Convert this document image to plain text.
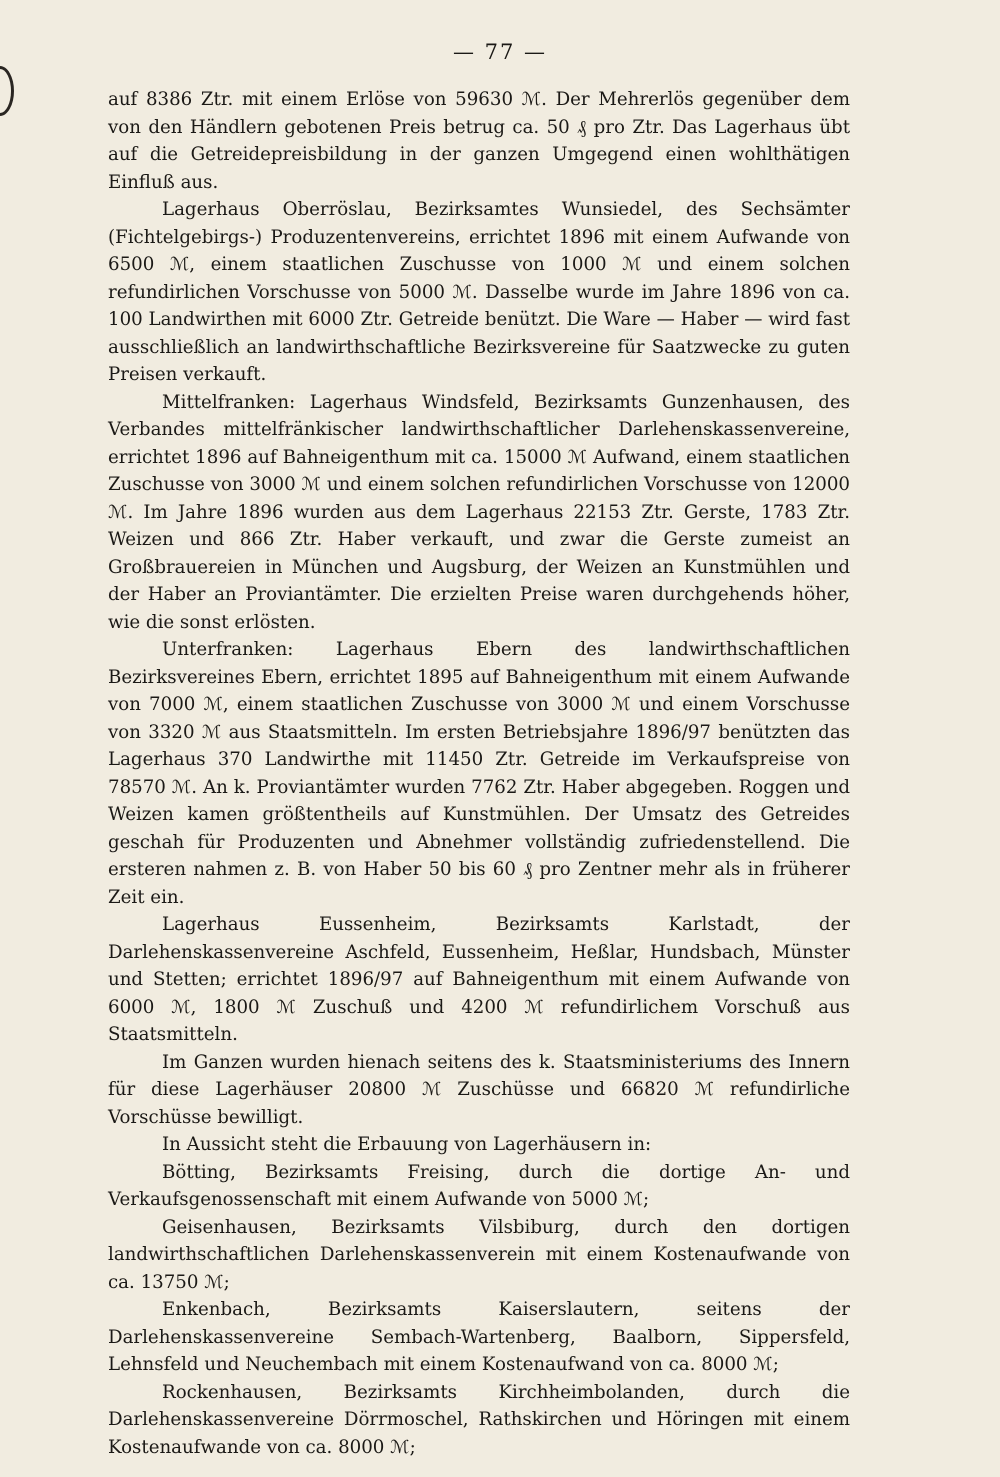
— 77 —

auf 8386 Ztr. mit einem Erlöse von 59630 ℳ. Der Mehrerlös gegenüber dem von den Händlern gebotenen Preis betrug ca. 50 ₰ pro Ztr. Das Lagerhaus übt auf die Getreidepreisbildung in der ganzen Umgegend einen wohlthätigen Einfluß aus.

Lagerhaus Oberröslau, Bezirksamtes Wunsiedel, des Sechsämter (Fichtelgebirgs-) Produzentenvereins, errichtet 1896 mit einem Aufwande von 6500 ℳ, einem staatlichen Zuschusse von 1000 ℳ und einem solchen refundirlichen Vorschusse von 5000 ℳ. Dasselbe wurde im Jahre 1896 von ca. 100 Landwirthen mit 6000 Ztr. Getreide benützt. Die Ware — Haber — wird fast ausschließlich an landwirthschaftliche Bezirksvereine für Saatzwecke zu guten Preisen verkauft.

Mittelfranken: Lagerhaus Windsfeld, Bezirksamts Gunzenhausen, des Verbandes mittelfränkischer landwirthschaftlicher Darlehenskassenvereine, errichtet 1896 auf Bahneigenthum mit ca. 15000 ℳ Aufwand, einem staatlichen Zuschusse von 3000 ℳ und einem solchen refundirlichen Vorschusse von 12000 ℳ. Im Jahre 1896 wurden aus dem Lagerhaus 22153 Ztr. Gerste, 1783 Ztr. Weizen und 866 Ztr. Haber verkauft, und zwar die Gerste zumeist an Großbrauereien in München und Augsburg, der Weizen an Kunstmühlen und der Haber an Proviantämter. Die erzielten Preise waren durchgehends höher, wie die sonst erlösten.

Unterfranken: Lagerhaus Ebern des landwirthschaftlichen Bezirksvereines Ebern, errichtet 1895 auf Bahneigenthum mit einem Aufwande von 7000 ℳ, einem staatlichen Zuschusse von 3000 ℳ und einem Vorschusse von 3320 ℳ aus Staatsmitteln. Im ersten Betriebsjahre 1896/97 benützten das Lagerhaus 370 Landwirthe mit 11450 Ztr. Getreide im Verkaufspreise von 78570 ℳ. An k. Proviantämter wurden 7762 Ztr. Haber abgegeben. Roggen und Weizen kamen größtentheils auf Kunstmühlen. Der Umsatz des Getreides geschah für Produzenten und Abnehmer vollständig zufriedenstellend. Die ersteren nahmen z. B. von Haber 50 bis 60 ₰ pro Zentner mehr als in früherer Zeit ein.

Lagerhaus Eussenheim, Bezirksamts Karlstadt, der Darlehenskassenvereine Aschfeld, Eussenheim, Heßlar, Hundsbach, Münster und Stetten; errichtet 1896/97 auf Bahneigenthum mit einem Aufwande von 6000 ℳ, 1800 ℳ Zuschuß und 4200 ℳ refundirlichem Vorschuß aus Staatsmitteln.

Im Ganzen wurden hienach seitens des k. Staatsministeriums des Innern für diese Lagerhäuser 20800 ℳ Zuschüsse und 66820 ℳ refundirliche Vorschüsse bewilligt.

In Aussicht steht die Erbauung von Lagerhäusern in:

Bötting, Bezirksamts Freising, durch die dortige An- und Verkaufsgenossenschaft mit einem Aufwande von 5000 ℳ;

Geisenhausen, Bezirksamts Vilsbiburg, durch den dortigen landwirthschaftlichen Darlehenskassenverein mit einem Kostenaufwande von ca. 13750 ℳ;

Enkenbach, Bezirksamts Kaiserslautern, seitens der Darlehenskassenvereine Sembach-Wartenberg, Baalborn, Sippersfeld, Lehnsfeld und Neuchembach mit einem Kostenaufwand von ca. 8000 ℳ;

Rockenhausen, Bezirksamts Kirchheimbolanden, durch die Darlehenskassenvereine Dörrmoschel, Rathskirchen und Höringen mit einem Kostenaufwande von ca. 8000 ℳ;
